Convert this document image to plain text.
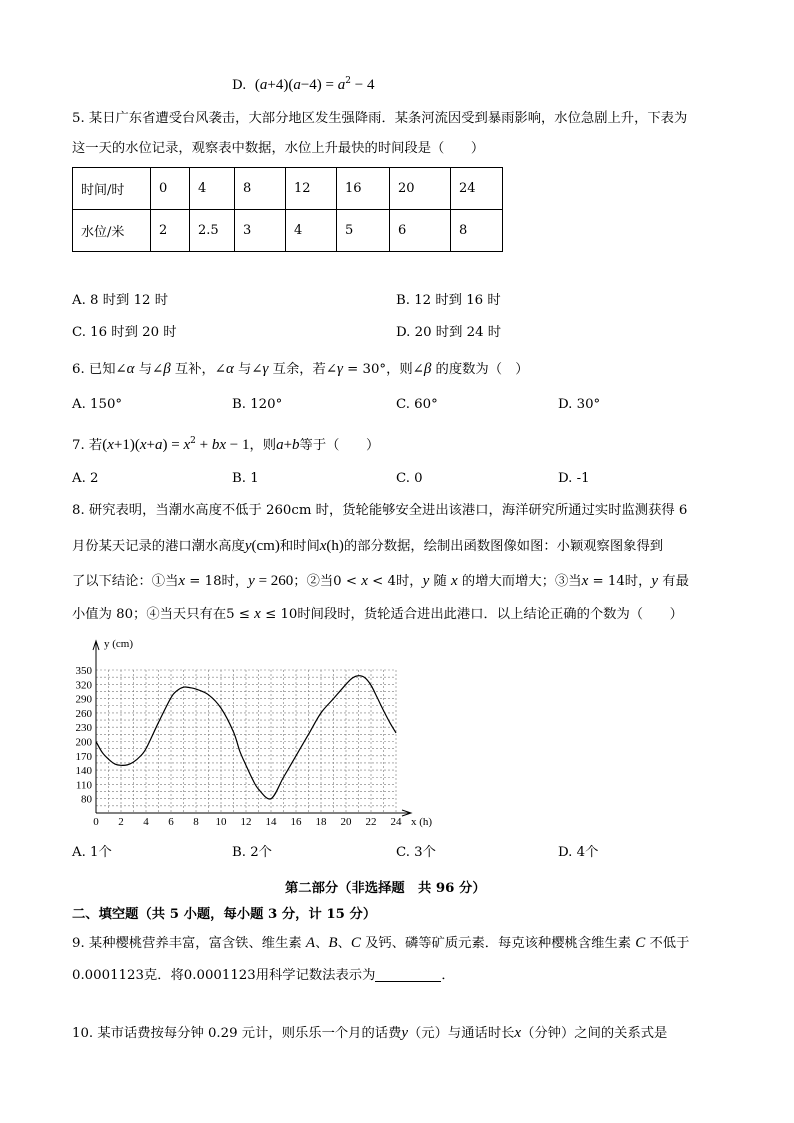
D. $(a+4)(a-4) = a^2 - 4$
5. 某日广东省遭受台风袭击，大部分地区发生强降雨．某条河流因受到暴雨影响，水位急剧上升，下表为
这一天的水位记录，观察表中数据，水位上升最快的时间段是（　　）
时间/时	0	4	8	12	16	20	24
水位/米	2	2.5	3	4	5	6	8
A. 8 时到 12 时	B. 12 时到 16 时
C. 16 时到 20 时	D. 20 时到 24 时
6. 已知∠α 与∠β 互补，∠α 与∠γ 互余，若∠γ = 30°，则∠β 的度数为（　）
A. 150°	B. 120°	C. 60°	D. 30°
7. 若$(x+1)(x+a) = x^2$ + bx − 1，则a+b等于（　　）
A. 2	B. 1	C. 0	D. -1
8. 研究表明，当潮水高度不低于 260cm 时，货轮能够安全进出该港口，海洋研究所通过实时监测获得 6
月份某天记录的港口潮水高度y(cm)和时间x(h)的部分数据，绘制出函数图像如图：小颖观察图象得到
了以下结论：①当x = 18时，y = 260；②当0 < x < 4时，y 随 x 的增大而增大；③当x = 14时，y 有最
小值为 80；④当天只有在5 ≤ x ≤ 10时间段时，货轮适合进出此港口．以上结论正确的个数为（　　）
80
110
140
170
200
230
260
290
320
350
0 2 4 6 8 10 12 14 16 18 20 22 24
y (cm)
x (h)
A. 1个	B. 2个	C. 3个	D. 4个
第二部分（非选择题　共 96 分）
二、填空题（共 5 小题，每小题 3 分，计 15 分）
9. 某种樱桃营养丰富，富含铁、维生素 A、B、C 及钙、磷等矿质元素．每克该种樱桃含维生素 C 不低于
0.0001123克．将0.0001123用科学记数法表示为	．
10. 某市话费按每分钟 0.29 元计，则乐乐一个月的话费y（元）与通话时长x（分钟）之间的关系式是
